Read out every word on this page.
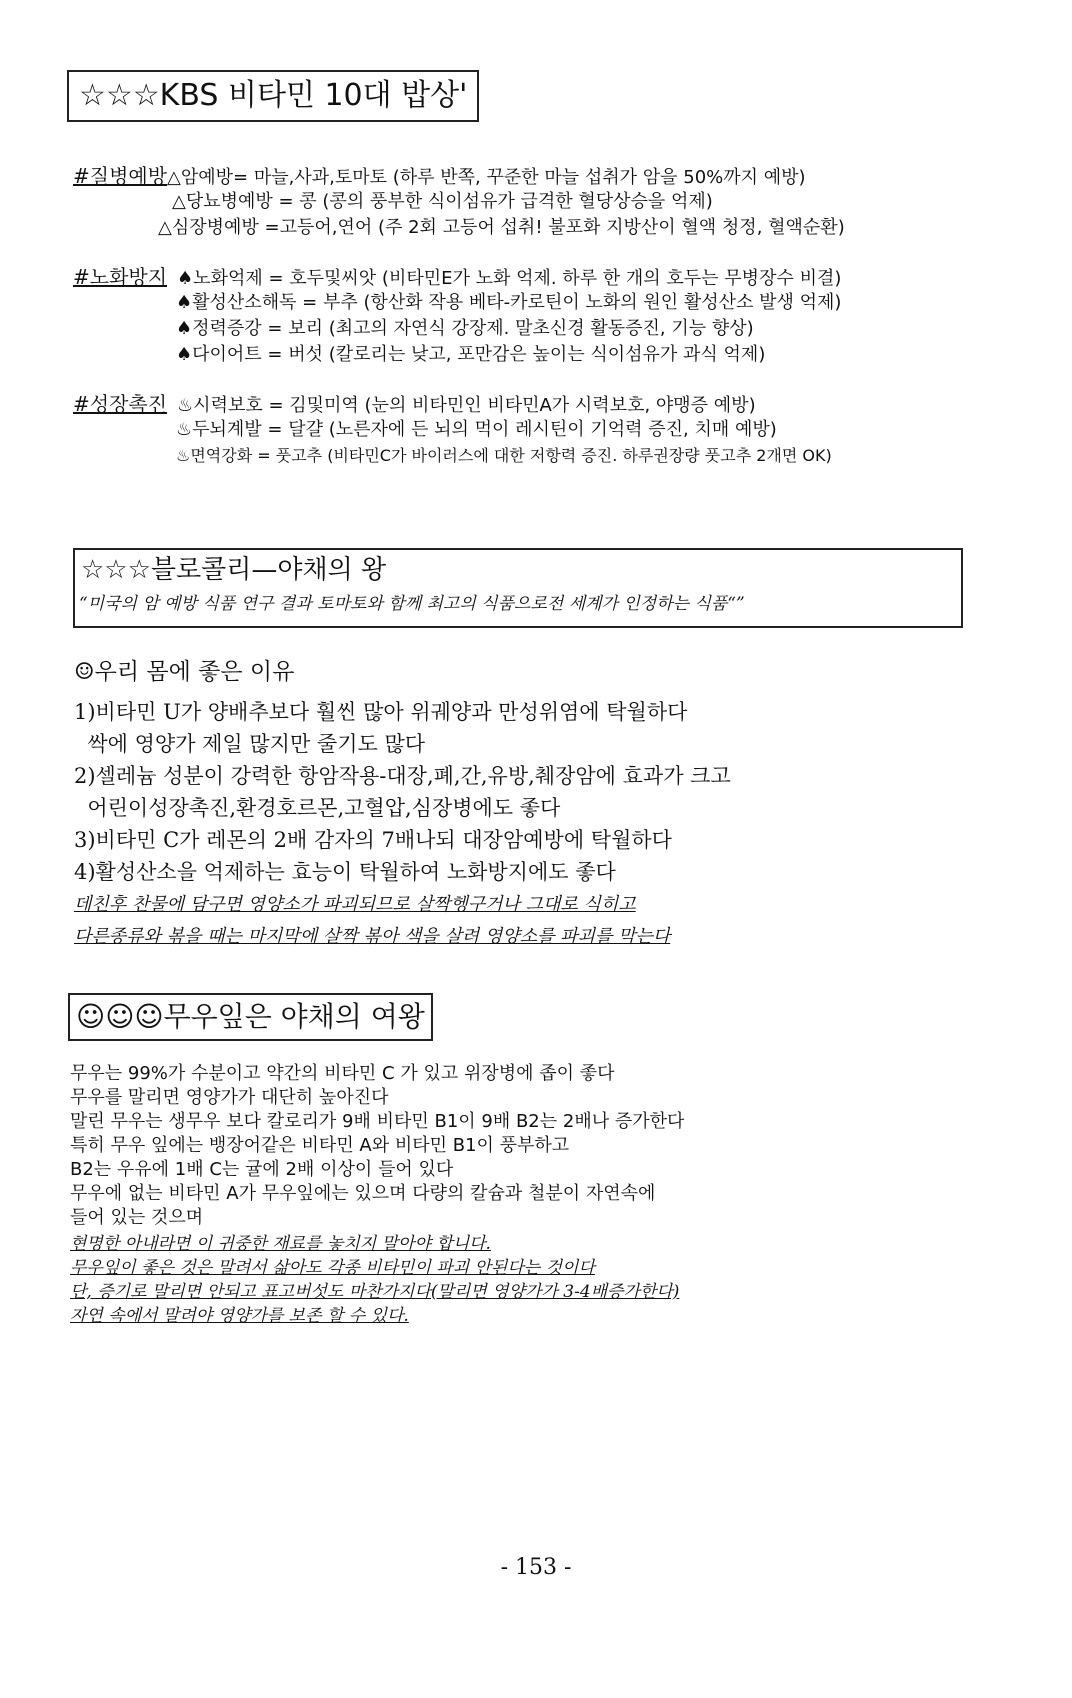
☆☆☆KBS 비타민 10대 밥상'
#질병예방△암예방= 마늘,사과,토마토 (하루 반쪽, 꾸준한 마늘 섭취가 암을 50%까지 예방)
△당뇨병예방 = 콩 (콩의 풍부한 식이섬유가 급격한 혈당상승을 억제)
△심장병예방 =고등어,연어 (주 2회 고등어 섭취! 불포화 지방산이 혈액 청정, 혈액순환)
#노화방지 ♠노화억제 = 호두및씨앗 (비타민E가 노화 억제. 하루 한 개의 호두는 무병장수 비결)
♠활성산소해독 = 부추 (항산화 작용 베타-카로틴이 노화의 원인 활성산소 발생 억제)
♠정력증강 = 보리 (최고의 자연식 강장제. 말초신경 활동증진, 기능 향상)
♠다이어트 = 버섯 (칼로리는 낮고, 포만감은 높이는 식이섬유가 과식 억제)
#성장촉진 ♨시력보호 = 김및미역 (눈의 비타민인 비타민A가 시력보호, 야맹증 예방)
♨두뇌계발 = 달걀 (노른자에 든 뇌의 먹이 레시틴이 기억력 증진, 치매 예방)
♨면역강화 = 풋고추 (비타민C가 바이러스에 대한 저항력 증진. 하루권장량 풋고추 2개면 OK)
☆☆☆블로콜리—야채의 왕
“미국의 암 예방 식품 연구 결과 토마토와 함께 최고의 식품으로전 세계가 인정하는 식품“”
☺우리 몸에 좋은 이유
1)비타민 U가 양배추보다 훨씬 많아 위궤양과 만성위염에 탁월하다
싹에 영양가 제일 많지만 줄기도 많다
2)셀레늄 성분이 강력한 항암작용-대장,폐,간,유방,췌장암에 효과가 크고
어린이성장촉진,환경호르몬,고혈압,심장병에도 좋다
3)비타민 C가 레몬의 2배 감자의 7배나되 대장암예방에 탁월하다
4)활성산소을 억제하는 효능이 탁월하여 노화방지에도 좋다
데친후 찬물에 담구면 영양소가 파괴되므로 살짝헹구거나 그대로 식히고
다른종류와 볶을 때는 마지막에 살짝 볶아 색을 살려 영양소를 파괴를 막는다
☺☺☺무우잎은 야채의 여왕
무우는 99%가 수분이고 약간의 비타민 C 가 있고 위장병에 좁이 좋다
무우를 말리면 영양가가 대단히 높아진다
말린 무우는 생무우 보다 칼로리가 9배 비타민 B1이 9배 B2는 2배나 증가한다
특히 무우 잎에는 뱅장어같은 비타민 A와 비타민 B1이 풍부하고
B2는 우유에 1배 C는 귤에 2배 이상이 들어 있다
무우에 없는 비타민 A가 무우잎에는 있으며 다량의 칼슘과 철분이 자연속에
들어 있는 것으며
현명한 아내라면 이 귀중한 재료를 놓치지 말아야 합니다.
무우잎이 좋은 것은 말려서 삶아도 각종 비타민이 파괴 안된다는 것이다
단, 증기로 말리면 안되고 표고버섯도 마찬가지다(말리면 영양가가 3-4배증가한다)
자연 속에서 말려야 영양가를 보존 할 수 있다.
- 153 -
